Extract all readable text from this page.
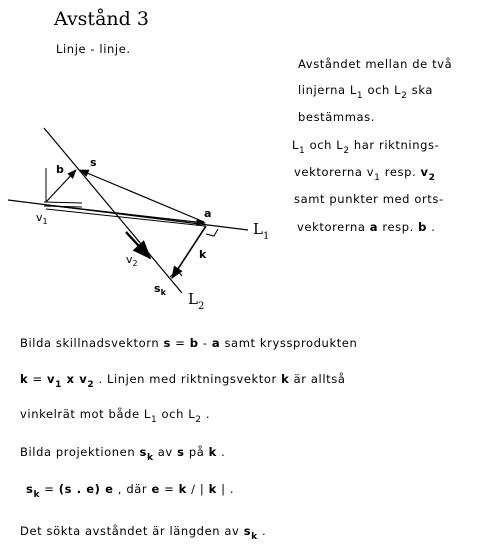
Avstånd 3
Linje - linje.
Avståndet mellan de två
linjerna $L_1$ och $L_2$ ska
bestämmas.
$L_1$ och $L_2$ har riktnings-
vektorerna $v_1$ resp. $v_2$
samt punkter med orts-
vektorerna a resp. b .
b
s
$v_1$
a
$L_1$
$v_2$
k
$s_k$ $L_2$
Bilda skillnadsvektorn s = b - a samt kryssprodukten
$k = v_1$ x $v_2$ . Linjen med riktningsvektor k är alltså
vinkelrät mot både $L_1$ och $L_2$ .
Bilda projektionen $s_k$ av s på k .
$s_k = (s$ . e) e , där e = k / | k | .
Det sökta avståndet är längden av $s_k$ .
